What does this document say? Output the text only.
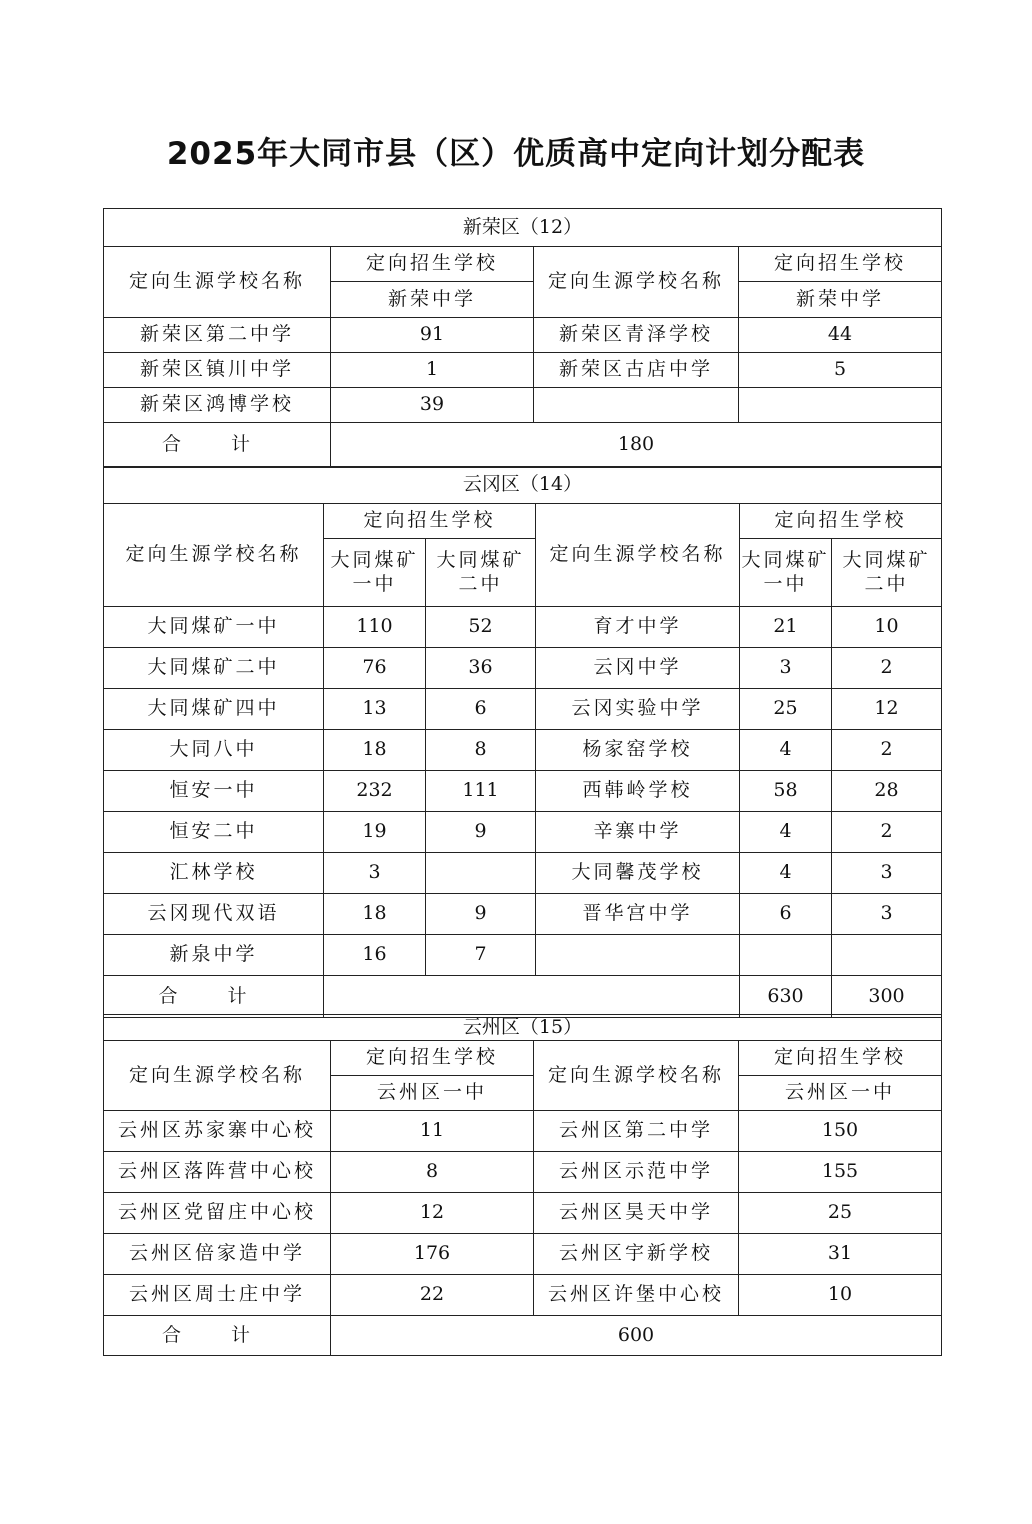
2025年大同市县（区）优质高中定向计划分配表
新荣区（12）			
定向生源学校名称	定向招生学校	定向生源学校名称	定向招生学校
	新荣中学		新荣中学
新荣区第二中学	91	新荣区青泽学校	44
新荣区镇川中学	1	新荣区古店中学	5
新荣区鸿博学校	39		
合 计	180		
云冈区（14）					
定向生源学校名称	定向招生学校		定向生源学校名称	定向招生学校	
	大同煤矿一中	大同煤矿二中		大同煤矿一中	大同煤矿二中
大同煤矿一中	110	52	育才中学	21	10
大同煤矿二中	76	36	云冈中学	3	2
大同煤矿四中	13	6	云冈实验中学	25	12
大同八中	18	8	杨家窑学校	4	2
恒安一中	232	111	西韩岭学校	58	28
恒安二中	19	9	辛寨中学	4	2
汇林学校	3		大同馨茂学校	4	3
云冈现代双语	18	9	晋华宫中学	6	3
新泉中学	16	7			
合 计				630	300
云州区（15）			
定向生源学校名称	定向招生学校	定向生源学校名称	定向招生学校
	云州区一中		云州区一中
云州区苏家寨中心校	11	云州区第二中学	150
云州区落阵营中心校	8	云州区示范中学	155
云州区党留庄中心校	12	云州区昊天中学	25
云州区倍家造中学	176	云州区宇新学校	31
云州区周士庄中学	22	云州区许堡中心校	10
合 计	600		
